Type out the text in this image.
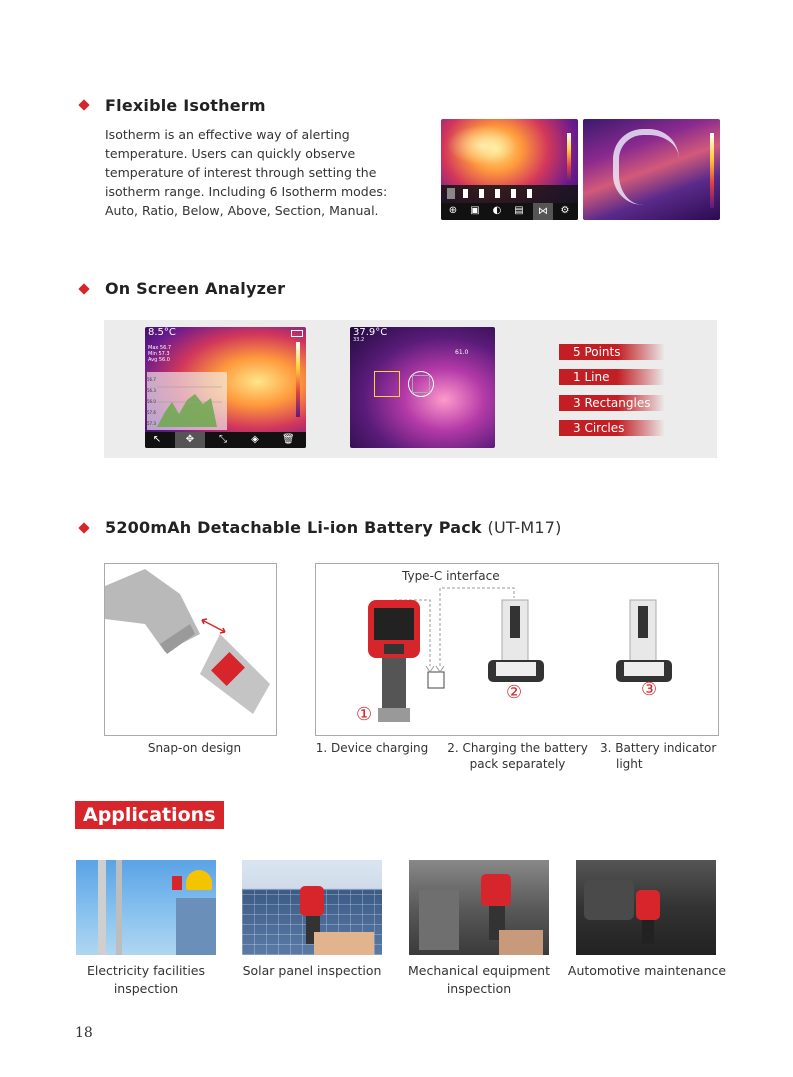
Flexible Isotherm
Isotherm is an effective way of alerting
temperature. Users can quickly observe
temperature of interest through setting the
isotherm range. Including 6 Isotherm modes:
Auto, Ratio, Below, Above, Section, Manual.	⊕ ▣ ◐ ▤	⋈	⚙
On Screen Analyzer
8.5°C
Max 56.7
Min 57.3
Avg 56.0
56.7
56.3
56.0
57.6
57.3
↖	✥	⤡ ◈ 🗑
37.9°C
33.2
61.0	5 Points
1 Line
3 Rectangles
3 Circles
5200mAh Detachable Li-ion Battery Pack (UT-M17)
Snap-on design
Type-C interface
①
②	③
1. Device charging	2. Charging the battery
pack separately
3. Battery indicator
light
Applications
Electricity facilities
inspection
Solar panel inspection	Mechanical equipment
inspection
Automotive maintenance
18
